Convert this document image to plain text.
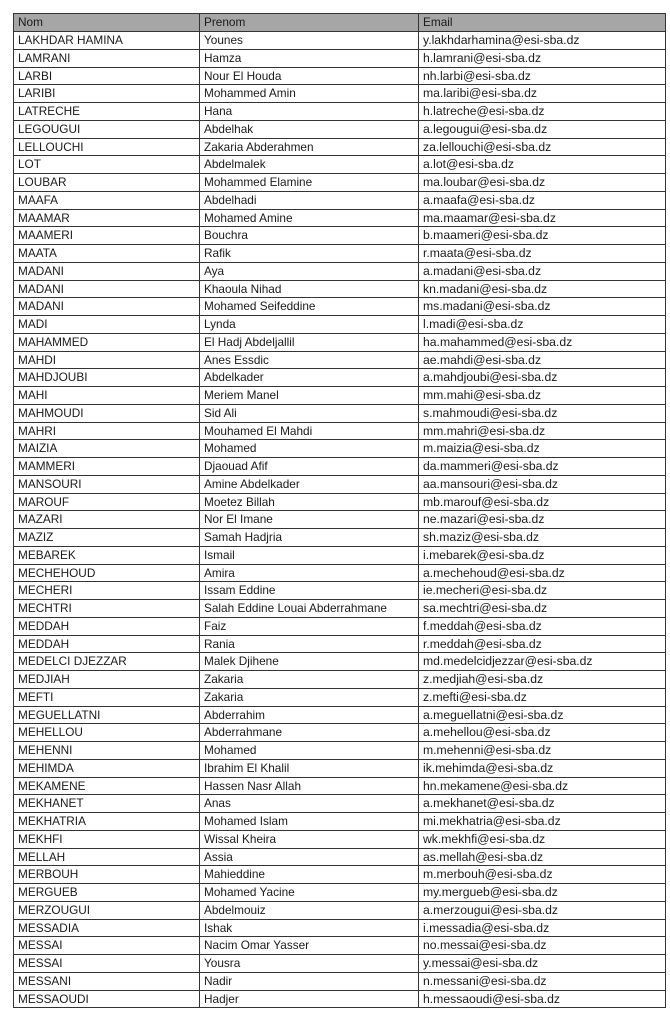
Nom	Prenom	Email
LAKHDAR HAMINA	Younes	y.lakhdarhamina@esi-sba.dz
LAMRANI	Hamza	h.lamrani@esi-sba.dz
LARBI	Nour El Houda	nh.larbi@esi-sba.dz
LARIBI	Mohammed Amin	ma.laribi@esi-sba.dz
LATRECHE	Hana	h.latreche@esi-sba.dz
LEGOUGUI	Abdelhak	a.legougui@esi-sba.dz
LELLOUCHI	Zakaria Abderahmen	za.lellouchi@esi-sba.dz
LOT	Abdelmalek	a.lot@esi-sba.dz
LOUBAR	Mohammed Elamine	ma.loubar@esi-sba.dz
MAAFA	Abdelhadi	a.maafa@esi-sba.dz
MAAMAR	Mohamed Amine	ma.maamar@esi-sba.dz
MAAMERI	Bouchra	b.maameri@esi-sba.dz
MAATA	Rafik	r.maata@esi-sba.dz
MADANI	Aya	a.madani@esi-sba.dz
MADANI	Khaoula Nihad	kn.madani@esi-sba.dz
MADANI	Mohamed Seifeddine	ms.madani@esi-sba.dz
MADI	Lynda	l.madi@esi-sba.dz
MAHAMMED	El Hadj Abdeljallil	ha.mahammed@esi-sba.dz
MAHDI	Anes Essdic	ae.mahdi@esi-sba.dz
MAHDJOUBI	Abdelkader	a.mahdjoubi@esi-sba.dz
MAHI	Meriem Manel	mm.mahi@esi-sba.dz
MAHMOUDI	Sid Ali	s.mahmoudi@esi-sba.dz
MAHRI	Mouhamed El Mahdi	mm.mahri@esi-sba.dz
MAIZIA	Mohamed	m.maizia@esi-sba.dz
MAMMERI	Djaouad Afif	da.mammeri@esi-sba.dz
MANSOURI	Amine Abdelkader	aa.mansouri@esi-sba.dz
MAROUF	Moetez Billah	mb.marouf@esi-sba.dz
MAZARI	Nor El Imane	ne.mazari@esi-sba.dz
MAZIZ	Samah Hadjria	sh.maziz@esi-sba.dz
MEBAREK	Ismail	i.mebarek@esi-sba.dz
MECHEHOUD	Amira	a.mechehoud@esi-sba.dz
MECHERI	Issam Eddine	ie.mecheri@esi-sba.dz
MECHTRI	Salah Eddine Louai Abderrahmane	sa.mechtri@esi-sba.dz
MEDDAH	Faiz	f.meddah@esi-sba.dz
MEDDAH	Rania	r.meddah@esi-sba.dz
MEDELCI DJEZZAR	Malek Djihene	md.medelcidjezzar@esi-sba.dz
MEDJIAH	Zakaria	z.medjiah@esi-sba.dz
MEFTI	Zakaria	z.mefti@esi-sba.dz
MEGUELLATNI	Abderrahim	a.meguellatni@esi-sba.dz
MEHELLOU	Abderrahmane	a.mehellou@esi-sba.dz
MEHENNI	Mohamed	m.mehenni@esi-sba.dz
MEHIMDA	Ibrahim El Khalil	ik.mehimda@esi-sba.dz
MEKAMENE	Hassen Nasr Allah	hn.mekamene@esi-sba.dz
MEKHANET	Anas	a.mekhanet@esi-sba.dz
MEKHATRIA	Mohamed Islam	mi.mekhatria@esi-sba.dz
MEKHFI	Wissal Kheira	wk.mekhfi@esi-sba.dz
MELLAH	Assia	as.mellah@esi-sba.dz
MERBOUH	Mahieddine	m.merbouh@esi-sba.dz
MERGUEB	Mohamed Yacine	my.mergueb@esi-sba.dz
MERZOUGUI	Abdelmouiz	a.merzougui@esi-sba.dz
MESSADIA	Ishak	i.messadia@esi-sba.dz
MESSAI	Nacim Omar Yasser	no.messai@esi-sba.dz
MESSAI	Yousra	y.messai@esi-sba.dz
MESSANI	Nadir	n.messani@esi-sba.dz
MESSAOUDI	Hadjer	h.messaoudi@esi-sba.dz
